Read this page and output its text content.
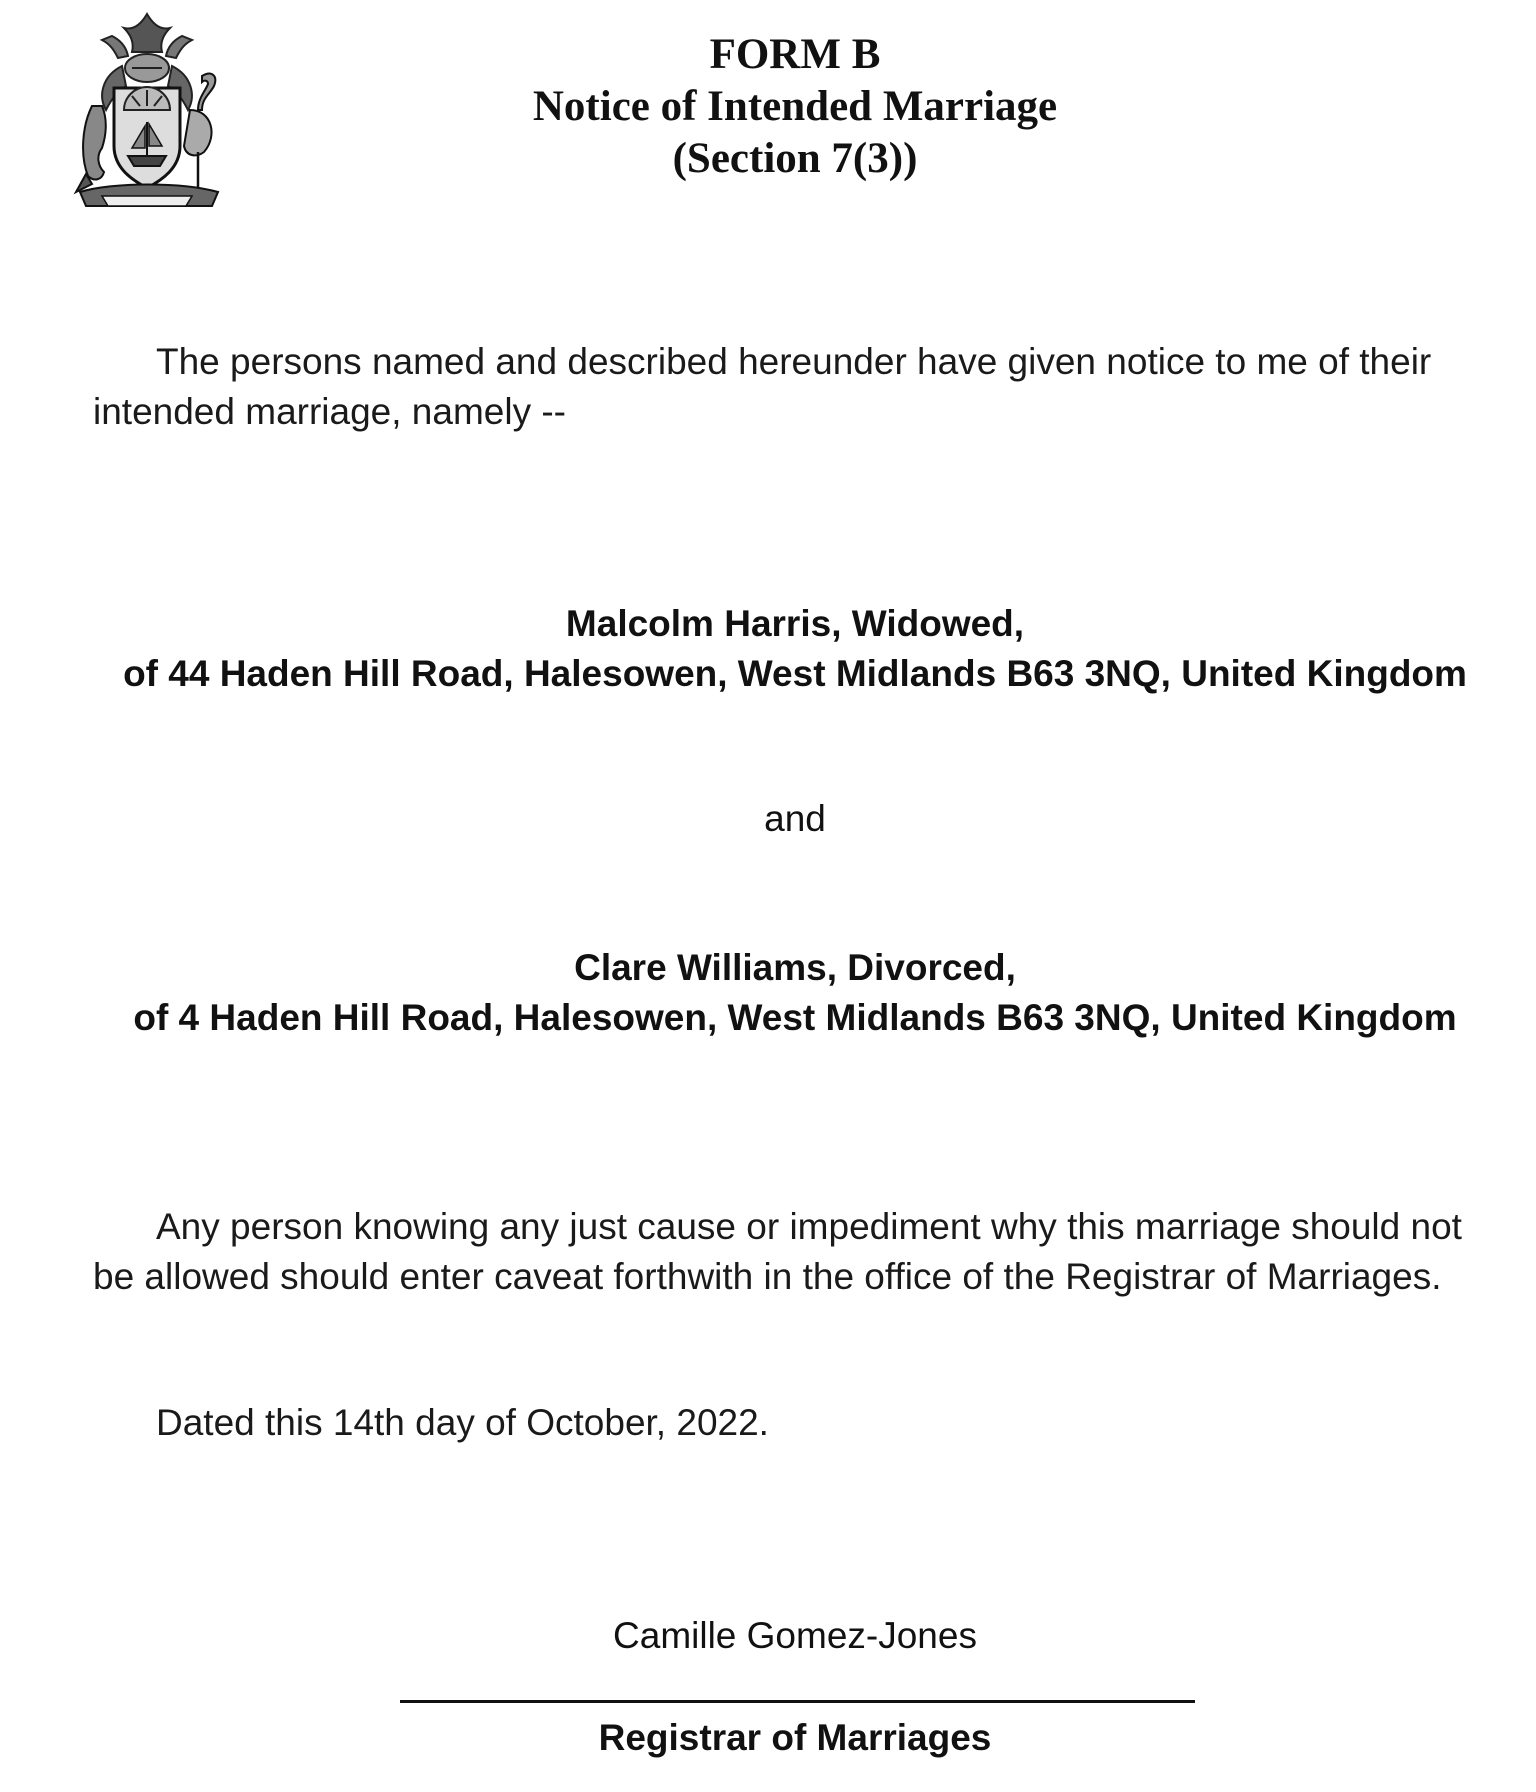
FORM B
Notice of Intended Marriage
(Section 7(3))
The persons named and described hereunder have given notice to me of their intended marriage, namely --
Malcolm Harris, Widowed,
of 44 Haden Hill Road, Halesowen, West Midlands B63 3NQ, United Kingdom
and
Clare Williams, Divorced,
of 4 Haden Hill Road, Halesowen, West Midlands B63 3NQ, United Kingdom
Any person knowing any just cause or impediment why this marriage should not be allowed should enter caveat forthwith in the office of the Registrar of Marriages.
Dated this 14th day of October, 2022.
Camille Gomez-Jones
Registrar of Marriages
